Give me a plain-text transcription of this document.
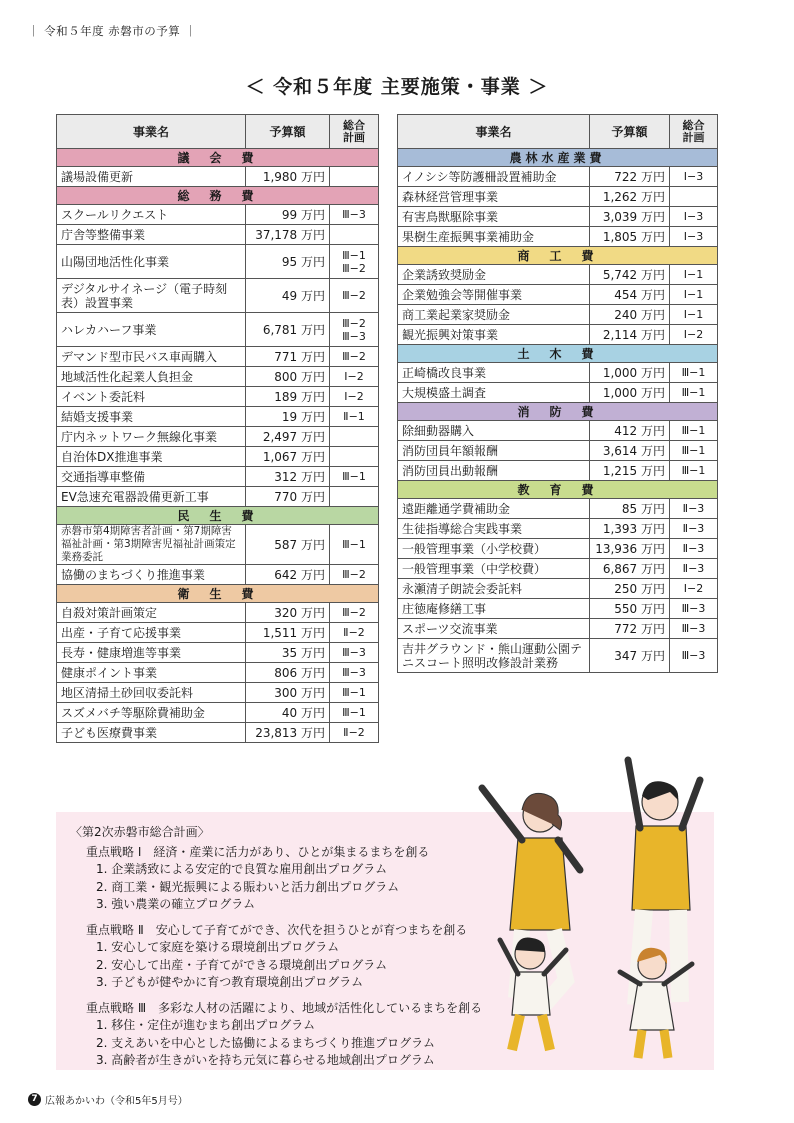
｜ 令和５年度 赤磐市の予算 ｜
＜ 令和５年度 主要施策・事業 ＞
事業名	予算額	総合
計画
議　会　費		
議場設備更新	1,980 万円	
総　務　費		
スクールリクエスト	99 万円	Ⅲ−3
庁舎等整備事業	37,178 万円	
山陽団地活性化事業	95 万円	Ⅲ−1
Ⅲ−2
デジタルサイネージ（電子時刻表）設置事業	49 万円	Ⅲ−2
ハレカハーフ事業	6,781 万円	Ⅲ−2
Ⅲ−3
デマンド型市民バス車両購入	771 万円	Ⅲ−2
地域活性化起業人負担金	800 万円	Ⅰ−2
イベント委託料	189 万円	Ⅰ−2
結婚支援事業	19 万円	Ⅱ−1
庁内ネットワーク無線化事業	2,497 万円	
自治体DX推進事業	1,067 万円	
交通指導車整備	312 万円	Ⅲ−1
EV急速充電器設備更新工事	770 万円	
民　生　費		
赤磐市第4期障害者計画・第7期障害福祉計画・第3期障害児福祉計画策定業務委託	587 万円	Ⅲ−1
協働のまちづくり推進事業	642 万円	Ⅲ−2
衛　生　費		
自殺対策計画策定	320 万円	Ⅲ−2
出産・子育て応援事業	1,511 万円	Ⅱ−2
長寿・健康増進等事業	35 万円	Ⅲ−3
健康ポイント事業	806 万円	Ⅲ−3
地区清掃土砂回収委託料	300 万円	Ⅲ−1
スズメバチ等駆除費補助金	40 万円	Ⅲ−1
子ども医療費事業	23,813 万円	Ⅱ−2
事業名	予算額	総合
計画
農林水産業費		
イノシシ等防護柵設置補助金	722 万円	Ⅰ−3
森林経営管理事業	1,262 万円	
有害鳥獣駆除事業	3,039 万円	Ⅰ−3
果樹生産振興事業補助金	1,805 万円	Ⅰ−3
商　工　費		
企業誘致奨励金	5,742 万円	Ⅰ−1
企業勉強会等開催事業	454 万円	Ⅰ−1
商工業起業家奨励金	240 万円	Ⅰ−1
観光振興対策事業	2,114 万円	Ⅰ−2
土　木　費		
正崎橋改良事業	1,000 万円	Ⅲ−1
大規模盛土調査	1,000 万円	Ⅲ−1
消　防　費		
除細動器購入	412 万円	Ⅲ−1
消防団員年額報酬	3,614 万円	Ⅲ−1
消防団員出動報酬	1,215 万円	Ⅲ−1
教　育　費		
遠距離通学費補助金	85 万円	Ⅱ−3
生徒指導総合実践事業	1,393 万円	Ⅱ−3
一般管理事業（小学校費）	13,936 万円	Ⅱ−3
一般管理事業（中学校費）	6,867 万円	Ⅱ−3
永瀬清子朗読会委託料	250 万円	Ⅰ−2
庄徳庵修繕工事	550 万円	Ⅲ−3
スポーツ交流事業	772 万円	Ⅲ−3
吉井グラウンド・熊山運動公園テニスコート照明改修設計業務	347 万円	Ⅲ−3
〈第2次赤磐市総合計画〉
重点戦略 Ⅰ　経済・産業に活力があり、ひとが集まるまちを創る
1. 企業誘致による安定的で良質な雇用創出プログラム
2. 商工業・観光振興による賑わいと活力創出プログラム
3. 強い農業の確立プログラム
重点戦略 Ⅱ　安心して子育てができ、次代を担うひとが育つまちを創る
1. 安心して家庭を築ける環境創出プログラム
2. 安心して出産・子育てができる環境創出プログラム
3. 子どもが健やかに育つ教育環境創出プログラム
重点戦略 Ⅲ　多彩な人材の活躍により、地域が活性化しているまちを創る
1. 移住・定住が進むまち創出プログラム
2. 支えあいを中心とした協働によるまちづくり推進プログラム
3. 高齢者が生きがいを持ち元気に暮らせる地域創出プログラム
7 広報あかいわ（令和5年5月号）
